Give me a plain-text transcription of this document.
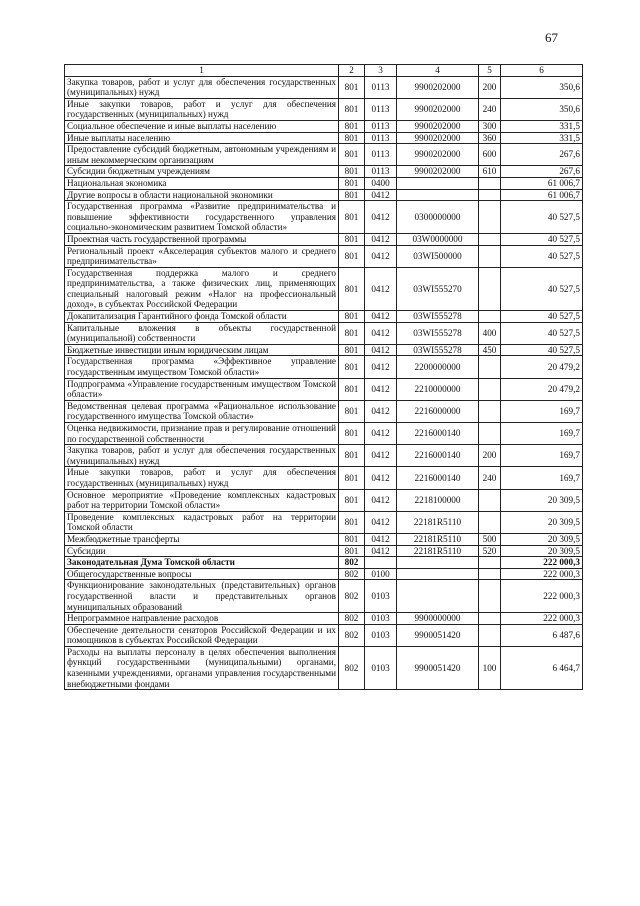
67
1	2	3	4	5	6
Закупка товаров, работ и услуг для обеспечения государственных (муниципальных) нужд	801	0113	9900202000	200	350,6
Иные закупки товаров, работ и услуг для обеспечения государственных (муниципальных) нужд	801	0113	9900202000	240	350,6
Социальное обеспечение и иные выплаты населению	801	0113	9900202000	300	331,5
Иные выплаты населению	801	0113	9900202000	360	331,5
Предоставление субсидий бюджетным, автономным учреждениям и иным некоммерческим организациям	801	0113	9900202000	600	267,6
Субсидии бюджетным учреждениям	801	0113	9900202000	610	267,6
Национальная экономика	801	0400			61 006,7
Другие вопросы в области национальной экономики	801	0412			61 006,7
Государственная программа «Развитие предпринимательства и повышение эффективности государственного управления социально-экономическим развитием Томской области»	801	0412	0300000000		40 527,5
Проектная часть государственной программы	801	0412	03W0000000		40 527,5
Региональный проект «Акселерация субъектов малого и среднего предпринимательства»	801	0412	03WI500000		40 527,5
Государственная поддержка малого и среднего предпринимательства, а также физических лиц, применяющих специальный налоговый режим «Налог на профессиональный доход», в субъектах Российской Федерации	801	0412	03WI555270		40 527,5
Докапитализация Гарантийного фонда Томской области	801	0412	03WI555278		40 527,5
Капитальные вложения в объекты государственной (муниципальной) собственности	801	0412	03WI555278	400	40 527,5
Бюджетные инвестиции иным юридическим лицам	801	0412	03WI555278	450	40 527,5
Государственная программа «Эффективное управление государственным имуществом Томской области»	801	0412	2200000000		20 479,2
Подпрограмма «Управление государственным имуществом Томской области»	801	0412	2210000000		20 479,2
Ведомственная целевая программа «Рациональное использование государственного имущества Томской области»	801	0412	2216000000		169,7
Оценка недвижимости, признание прав и регулирование отношений по государственной собственности	801	0412	2216000140		169,7
Закупка товаров, работ и услуг для обеспечения государственных (муниципальных) нужд	801	0412	2216000140	200	169,7
Иные закупки товаров, работ и услуг для обеспечения государственных (муниципальных) нужд	801	0412	2216000140	240	169,7
Основное мероприятие «Проведение комплексных кадастровых работ на территории Томской области»	801	0412	2218100000		20 309,5
Проведение комплексных кадастровых работ на территории Томской области	801	0412	22181R5110		20 309,5
Межбюджетные трансферты	801	0412	22181R5110	500	20 309,5
Субсидии	801	0412	22181R5110	520	20 309,5
Законодательная Дума Томской области	802				222 000,3
Общегосударственные вопросы	802	0100			222 000,3
Функционирование законодательных (представительных) органов государственной власти и представительных органов муниципальных образований	802	0103			222 000,3
Непрограммное направление расходов	802	0103	9900000000		222 000,3
Обеспечение деятельности сенаторов Российской Федерации и их помощников в субъектах Российской Федерации	802	0103	9900051420		6 487,6
Расходы на выплаты персоналу в целях обеспечения выполнения функций государственными (муниципальными) органами, казенными учреждениями, органами управления государственными внебюджетными фондами	802	0103	9900051420	100	6 464,7
